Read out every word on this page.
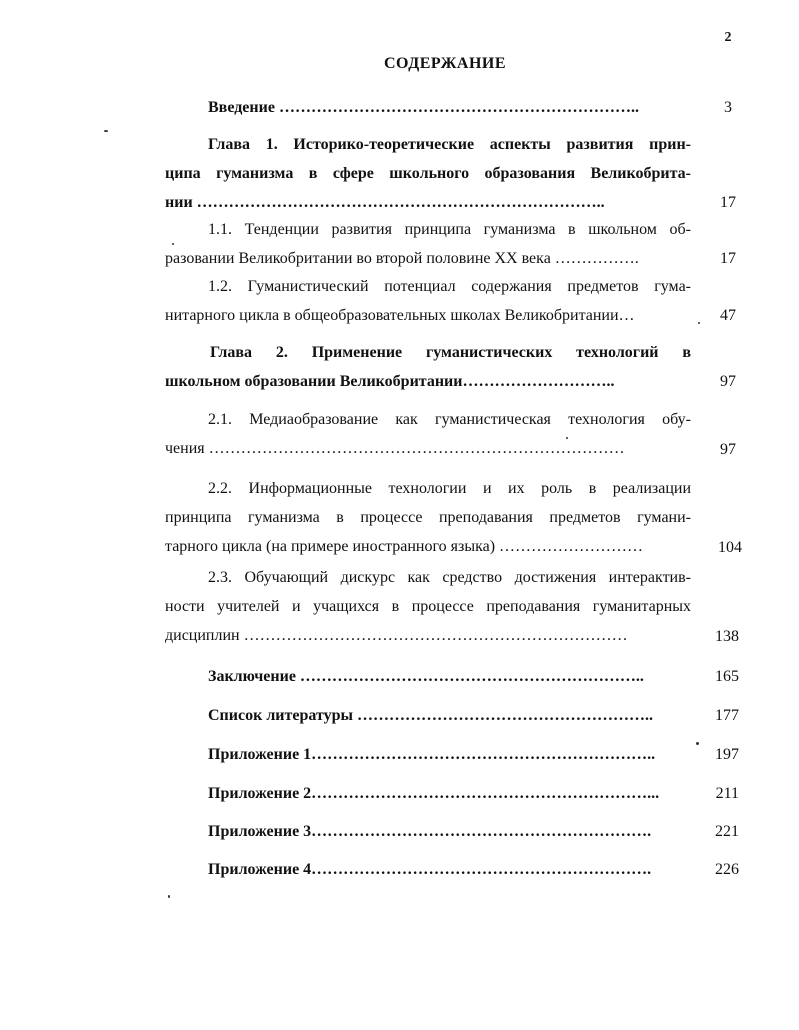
2
СОДЕРЖАНИЕ
Введение …………………………………………………………..	3
Глава 1. Историко-теоретические аспекты развития прин-
ципа гуманизма в сфере школьного образования Великобрита-
нии …………………………………………………………………..	17
1.1. Тенденции развития принципа гуманизма в школьном об-
разовании Великобритании во второй половине XX века …………….	17
1.2. Гуманистический потенциал содержания предметов гума-
нитарного цикла в общеобразовательных школах Великобритании…	47
Глава 2. Применение гуманистических технологий в
школьном образовании Великобритании………………………..	97
2.1. Медиаобразование как гуманистическая технология обу-
чения ……………………………………………………………………	97
2.2. Информационные технологии и их роль в реализации
принципа гуманизма в процессе преподавания предметов гумани-
тарного цикла (на примере иностранного языка) ………………………	104
2.3. Обучающий дискурс как средство достижения интерактив-
ности учителей и учащихся в процессе преподавания гуманитарных
дисциплин ………………………………………………………………	138
Заключение ………………………………………………………..	165
Список литературы ………………………………………………..	177
Приложение 1………………………………………………………..	197
Приложение 2………………………………………………………...	211
Приложение 3……………………………………………………….	221
Приложение 4……………………………………………………….	226
